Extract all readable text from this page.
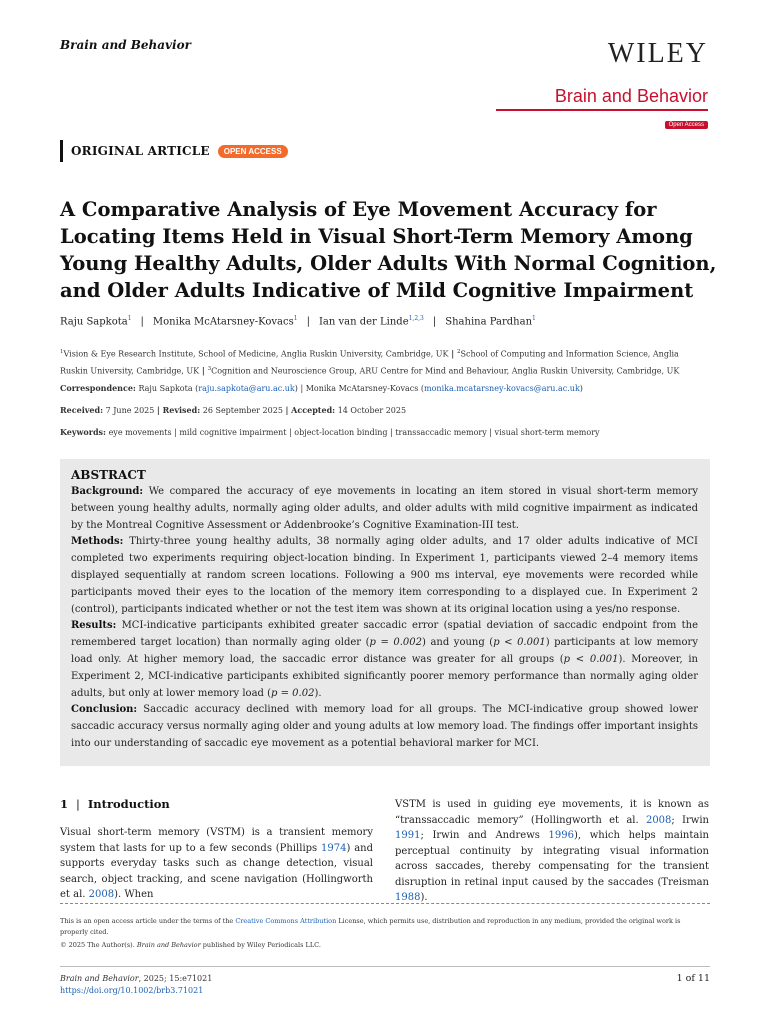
Brain and Behavior	WILEY
Brain and Behavior
Open Access
ORIGINAL ARTICLE	OPEN ACCESS
A Comparative Analysis of Eye Movement Accuracy for Locating Items Held in Visual Short-Term Memory Among Young Healthy Adults, Older Adults With Normal Cognition, and Older Adults Indicative of Mild Cognitive Impairment
Raju Sapkota$^1$ | Monika McAtarsney-Kovacs$^1$ | Ian van der Linde$^{1,2,3}$ | Shahina Pardhan$^1$
$^1$Vision & Eye Research Institute, School of Medicine, Anglia Ruskin University, Cambridge, UK | $^2$School of Computing and Information Science, Anglia Ruskin University, Cambridge, UK | $^3$Cognition and Neuroscience Group, ARU Centre for Mind and Behaviour, Anglia Ruskin University, Cambridge, UK
Correspondence: Raju Sapkota (raju.sapkota@aru.ac.uk) | Monika McAtarsney-Kovacs (monika.mcatarsney-kovacs@aru.ac.uk)
Received: 7 June 2025 | Revised: 26 September 2025 | Accepted: 14 October 2025
Keywords: eye movements | mild cognitive impairment | object-location binding | transsaccadic memory | visual short-term memory
ABSTRACT

Background: We compared the accuracy of eye movements in locating an item stored in visual short-term memory between young healthy adults, normally aging older adults, and older adults with mild cognitive impairment as indicated by the Montreal Cognitive Assessment or Addenbrooke’s Cognitive Examination-III test.

Methods: Thirty-three young healthy adults, 38 normally aging older adults, and 17 older adults indicative of MCI completed two experiments requiring object-location binding. In Experiment 1, participants viewed 2–4 memory items displayed sequentially at random screen locations. Following a 900 ms interval, eye movements were recorded while participants moved their eyes to the location of the memory item corresponding to a displayed cue. In Experiment 2 (control), participants indicated whether or not the test item was shown at its original location using a yes/no response.

Results: MCI-indicative participants exhibited greater saccadic error (spatial deviation of saccadic endpoint from the remembered target location) than normally aging older (p = 0.002) and young (p < 0.001) participants at low memory load only. At higher memory load, the saccadic error distance was greater for all groups (p < 0.001). Moreover, in Experiment 2, MCI-indicative participants exhibited significantly poorer memory performance than normally aging older adults, but only at lower memory load (p = 0.02).

Conclusion: Saccadic accuracy declined with memory load for all groups. The MCI-indicative group showed lower saccadic accuracy versus normally aging older and young adults at low memory load. The findings offer important insights into our understanding of saccadic eye movement as a potential behavioral marker for MCI.

1 | Introduction

Visual short-term memory (VSTM) is a transient memory system that lasts for up to a few seconds (Phillips 1974) and supports everyday tasks such as change detection, visual search, object tracking, and scene navigation (Hollingworth et al. 2008). When

VSTM is used in guiding eye movements, it is known as “transsaccadic memory” (Hollingworth et al. 2008; Irwin 1991; Irwin and Andrews 1996), which helps maintain perceptual continuity by integrating visual information across saccades, thereby compensating for the transient disruption in retinal input caused by the saccades (Treisman 1988).

This is an open access article under the terms of the Creative Commons Attribution License, which permits use, distribution and reproduction in any medium, provided the original work is properly cited.
© 2025 The Author(s). Brain and Behavior published by Wiley Periodicals LLC.
Brain and Behavior, 2025; 15:e71021
https://doi.org/10.1002/brb3.71021
1 of 11
